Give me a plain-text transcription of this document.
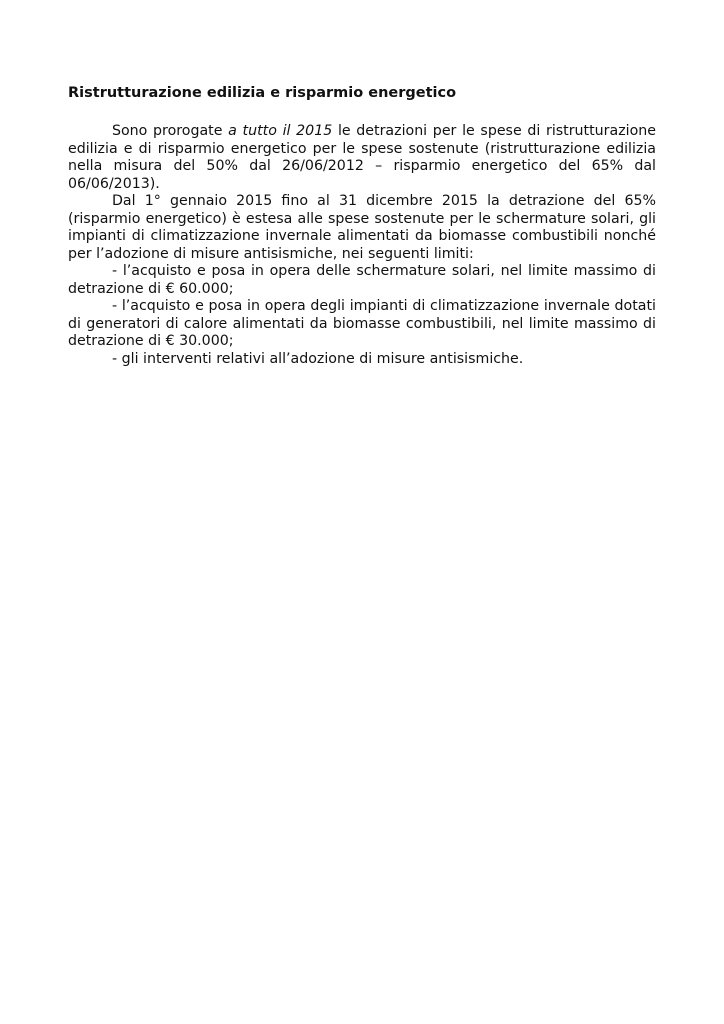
Ristrutturazione edilizia e risparmio energetico

Sono prorogate a tutto il 2015 le detrazioni per le spese di ristrutturazione edilizia e di risparmio energetico per le spese sostenute (ristrutturazione edilizia nella misura del 50% dal 26/06/2012 – risparmio energetico del 65% dal 06/06/2013).

Dal 1° gennaio 2015 fino al 31 dicembre 2015 la detrazione del 65% (risparmio energetico) è estesa alle spese sostenute per le schermature solari, gli impianti di climatizzazione invernale alimentati da biomasse combustibili nonché per l’adozione di misure antisismiche, nei seguenti limiti:

- l’acquisto e posa in opera delle schermature solari, nel limite massimo di detrazione di € 60.000;

- l’acquisto e posa in opera degli impianti di climatizzazione invernale dotati di generatori di calore alimentati da biomasse combustibili, nel limite massimo di detrazione di € 30.000;

- gli interventi relativi all’adozione di misure antisismiche.
